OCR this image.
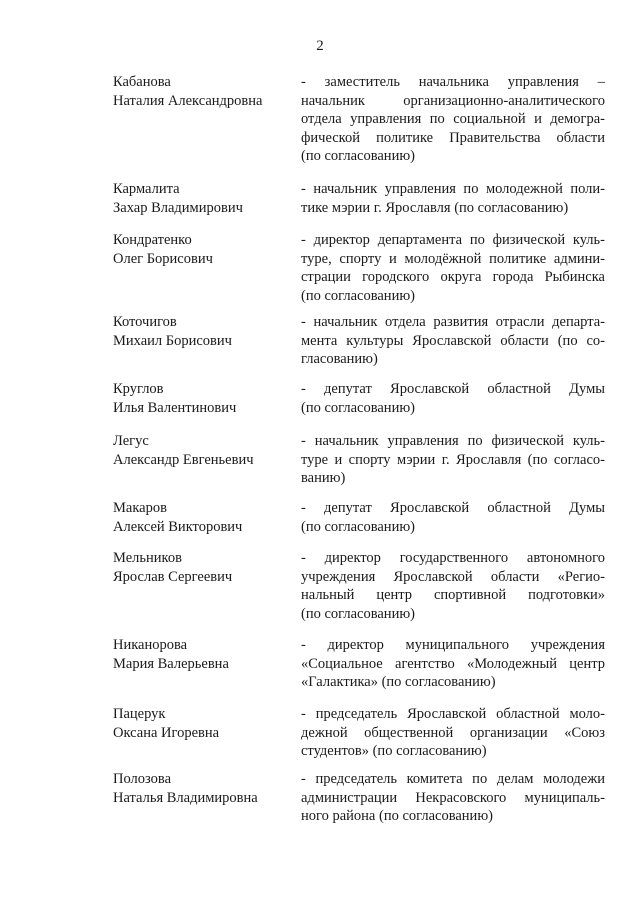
2
Кабанова
Наталия Александровна
- заместитель начальника управления –
начальник организационно-аналитического
отдела управления по социальной и демогра-
фической политике Правительства области
(по согласованию)
Кармалита
Захар Владимирович
- начальник управления по молодежной поли-
тике мэрии г. Ярославля (по согласованию)
Кондратенко
Олег Борисович
- директор департамента по физической куль-
туре, спорту и молодёжной политике админи-
страции городского округа города Рыбинска
(по согласованию)
Коточигов
Михаил Борисович
- начальник отдела развития отрасли департа-
мента культуры Ярославской области (по со-
гласованию)
Круглов
Илья Валентинович
- депутат Ярославской областной Думы
(по согласованию)
Легус
Александр Евгеньевич
- начальник управления по физической куль-
туре и спорту мэрии г. Ярославля (по согласо-
ванию)
Макаров
Алексей Викторович
- депутат Ярославской областной Думы
(по согласованию)
Мельников
Ярослав Сергеевич
- директор государственного автономного
учреждения Ярославской области «Регио-
нальный центр спортивной подготовки»
(по согласованию)
Никанорова
Мария Валерьевна
- директор муниципального учреждения
«Социальное агентство «Молодежный центр
«Галактика» (по согласованию)
Пацерук
Оксана Игоревна
- председатель Ярославской областной моло-
дежной общественной организации «Союз
студентов» (по согласованию)
Полозова
Наталья Владимировна
- председатель комитета по делам молодежи
администрации Некрасовского муниципаль-
ного района (по согласованию)
